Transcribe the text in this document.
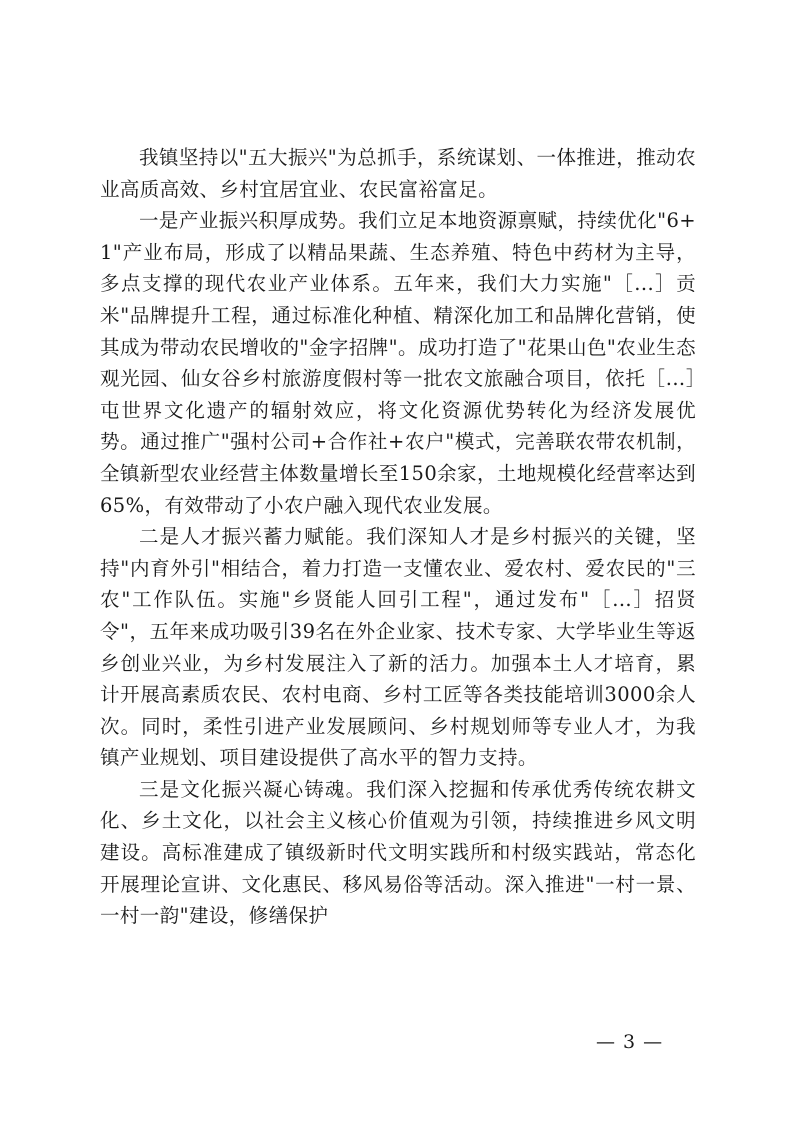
我镇坚持以"五大振兴"为总抓手，系统谋划、一体推进，推动农业高质高效、乡村宜居宜业、农民富裕富足。

一是产业振兴积厚成势。我们立足本地资源禀赋，持续优化"6+1"产业布局，形成了以精品果蔬、生态养殖、特色中药材为主导，多点支撑的现代农业产业体系。五年来，我们大力实施"［...］贡米"品牌提升工程，通过标准化种植、精深化加工和品牌化营销，使其成为带动农民增收的"金字招牌"。成功打造了"花果山色"农业生态观光园、仙女谷乡村旅游度假村等一批农文旅融合项目，依托［...］屯世界文化遗产的辐射效应，将文化资源优势转化为经济发展优势。通过推广"强村公司+合作社+农户"模式，完善联农带农机制，全镇新型农业经营主体数量增长至150余家，土地规模化经营率达到65%，有效带动了小农户融入现代农业发展。

二是人才振兴蓄力赋能。我们深知人才是乡村振兴的关键，坚持"内育外引"相结合，着力打造一支懂农业、爱农村、爱农民的"三农"工作队伍。实施"乡贤能人回引工程"，通过发布"［...］招贤令"，五年来成功吸引39名在外企业家、技术专家、大学毕业生等返乡创业兴业，为乡村发展注入了新的活力。加强本土人才培育，累计开展高素质农民、农村电商、乡村工匠等各类技能培训3000余人次。同时，柔性引进产业发展顾问、乡村规划师等专业人才，为我镇产业规划、项目建设提供了高水平的智力支持。

三是文化振兴凝心铸魂。我们深入挖掘和传承优秀传统农耕文化、乡土文化，以社会主义核心价值观为引领，持续推进乡风文明建设。高标准建成了镇级新时代文明实践所和村级实践站，常态化开展理论宣讲、文化惠民、移风易俗等活动。深入推进"一村一景、一村一韵"建设，修缮保护

— 3 —
